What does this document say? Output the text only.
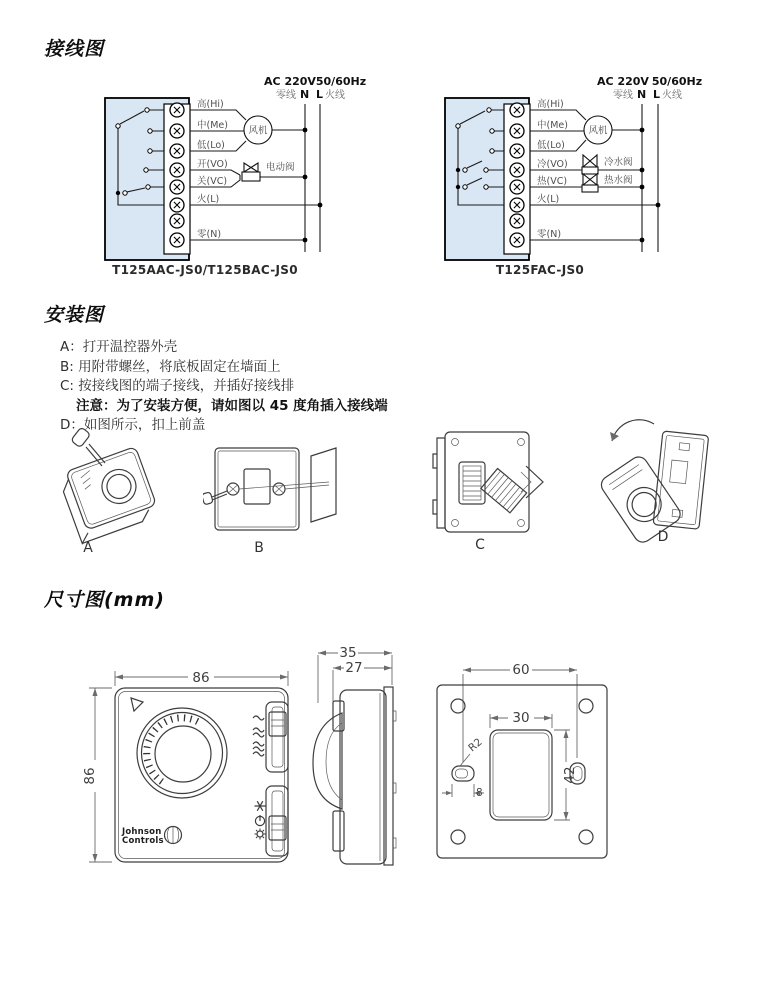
接线图
AC 220V 50/60Hz
零线 N L 火线
风机
电动阀
高(Hi)
中(Me)
低(Lo)
开(VO)
关(VC)
火(L)
零(N)
T125AAC-JS0/T125BAC-JS0
AC 220V 50/60Hz
零线 N L 火线
风机
冷水阀
热水阀
高(Hi)
中(Me)
低(Lo)
冷(VO)
热(VC)
火(L)
零(N)
T125FAC-JS0
安装图
A：打开温控器外壳
B: 用附带螺丝，将底板固定在墙面上
C: 按接线图的端子接线，并插好接线排
注意：为了安装方便，请如图以 45 度角插入接线端
D：如图所示，扣上前盖
A	B	C	D
尺寸图(mm)
86
86
Johnson
Controls
35
27	60
30
42
R2
8
